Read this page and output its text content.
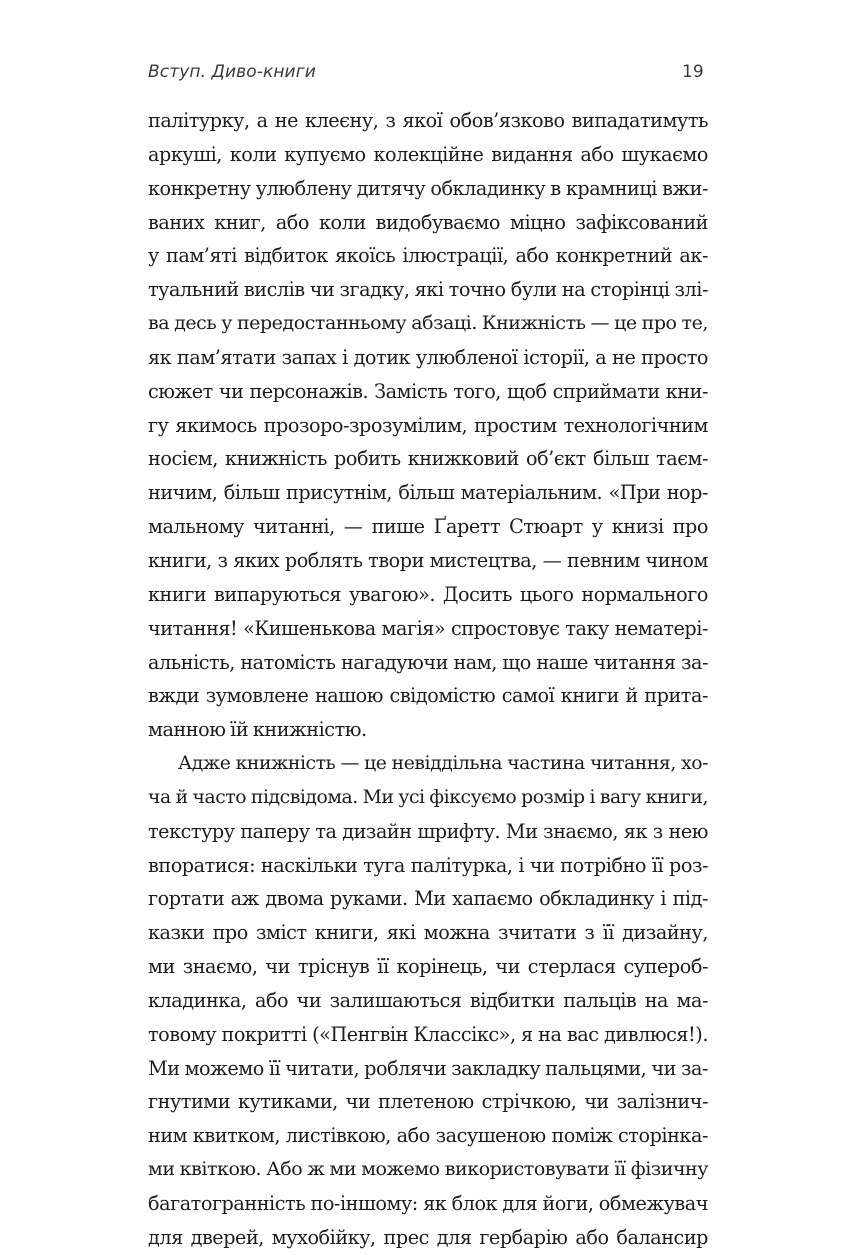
Вступ. Диво-книги	19
палітурку, а не клеєну, з якої обов’язково випадатимуть
аркуші, коли купуємо колекційне видання або шукаємо
конкретну улюблену дитячу обкладинку в крамниці вжи-
ваних книг, або коли видобуваємо міцно зафіксований
у пам’яті відбиток якоїсь ілюстрації, або конкретний ак-
туальний вислів чи згадку, які точно були на сторінці злі-
ва десь у передостанньому абзаці. Книжність — це про те,
як пам’ятати запах і дотик улюбленої історії, а не просто
сюжет чи персонажів. Замість того, щоб сприймати кни-
гу якимось прозоро-зрозумілим, простим технологічним
носієм, книжність робить книжковий об’єкт більш таєм-
ничим, більш присутнім, більш матеріальним. «При нор-
мальному читанні, — пише Ґаретт Стюарт у книзі про
книги, з яких роблять твори мистецтва, — певним чином
книги випаруються увагою». Досить цього нормального
читання! «Кишенькова магія» спростовує таку нематері-
альність, натомість нагадуючи нам, що наше читання за-
вжди зумовлене нашою свідомістю самої книги й прита-
манною їй книжністю.
Адже книжність — це невіддільна частина читання, хо-
ча й часто підсвідома. Ми усі фіксуємо розмір і вагу книги,
текстуру паперу та дизайн шрифту. Ми знаємо, як з нею
впоратися: наскільки туга палітурка, і чи потрібно її роз-
гортати аж двома руками. Ми хапаємо обкладинку і під-
казки про зміст книги, які можна зчитати з її дизайну,
ми знаємо, чи тріснув її корінець, чи стерлася супероб-
кладинка, або чи залишаються відбитки пальців на ма-
товому покритті («Пенгвін Классікс», я на вас дивлюся!).
Ми можемо її читати, роблячи закладку пальцями, чи за-
гнутими кутиками, чи плетеною стрічкою, чи залізнич-
ним квитком, листівкою, або засушеною поміж сторінка-
ми квіткою. Або ж ми можемо використовувати її фізичну
багатогранність по-іншому: як блок для йоги, обмежувач
для дверей, мухобійку, прес для гербарію або балансир
